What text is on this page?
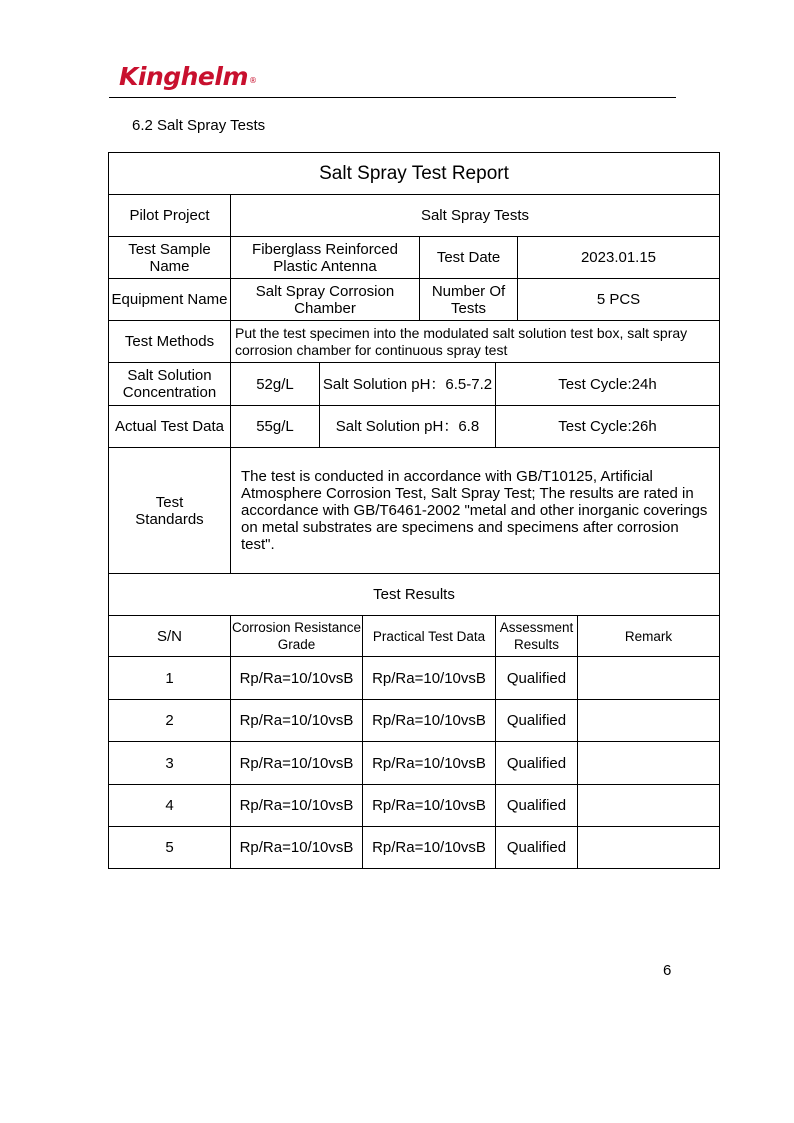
Kinghelm®
6.2 Salt Spray Tests
Salt Spray Test Report							
Pilot Project	Salt Spray Tests						
Test Sample Name	Fiberglass Reinforced Plastic Antenna			Test Date		2023.01.15	
Equipment Name	Salt Spray Corrosion Chamber			Number Of Tests		5 PCS	
Test Methods	Put the test specimen into the modulated salt solution test box, salt spray corrosion chamber for continuous spray test						
Salt Solution Concentration	52g/L	Salt Solution pH：6.5-7.2			Test Cycle:24h		
Actual Test Data	55g/L	Salt Solution pH：6.8			Test Cycle:26h		

Test Standards	The test is conducted in accordance with GB/T10125, Artificial Atmosphere Corrosion Test, Salt Spray Test; The results are rated in accordance with GB/T6461-2002 "metal and other inorganic coverings on metal substrates are specimens and specimens after corrosion test".						
Test Results							
S/N	Corrosion Resistance Grade		Practical Test Data		Assessment Results		Remark
1	Rp/Ra=10/10vsB		Rp/Ra=10/10vsB		Qualified		
2	Rp/Ra=10/10vsB		Rp/Ra=10/10vsB		Qualified		
3	Rp/Ra=10/10vsB		Rp/Ra=10/10vsB		Qualified		
4	Rp/Ra=10/10vsB		Rp/Ra=10/10vsB		Qualified		
5	Rp/Ra=10/10vsB		Rp/Ra=10/10vsB		Qualified		
6
